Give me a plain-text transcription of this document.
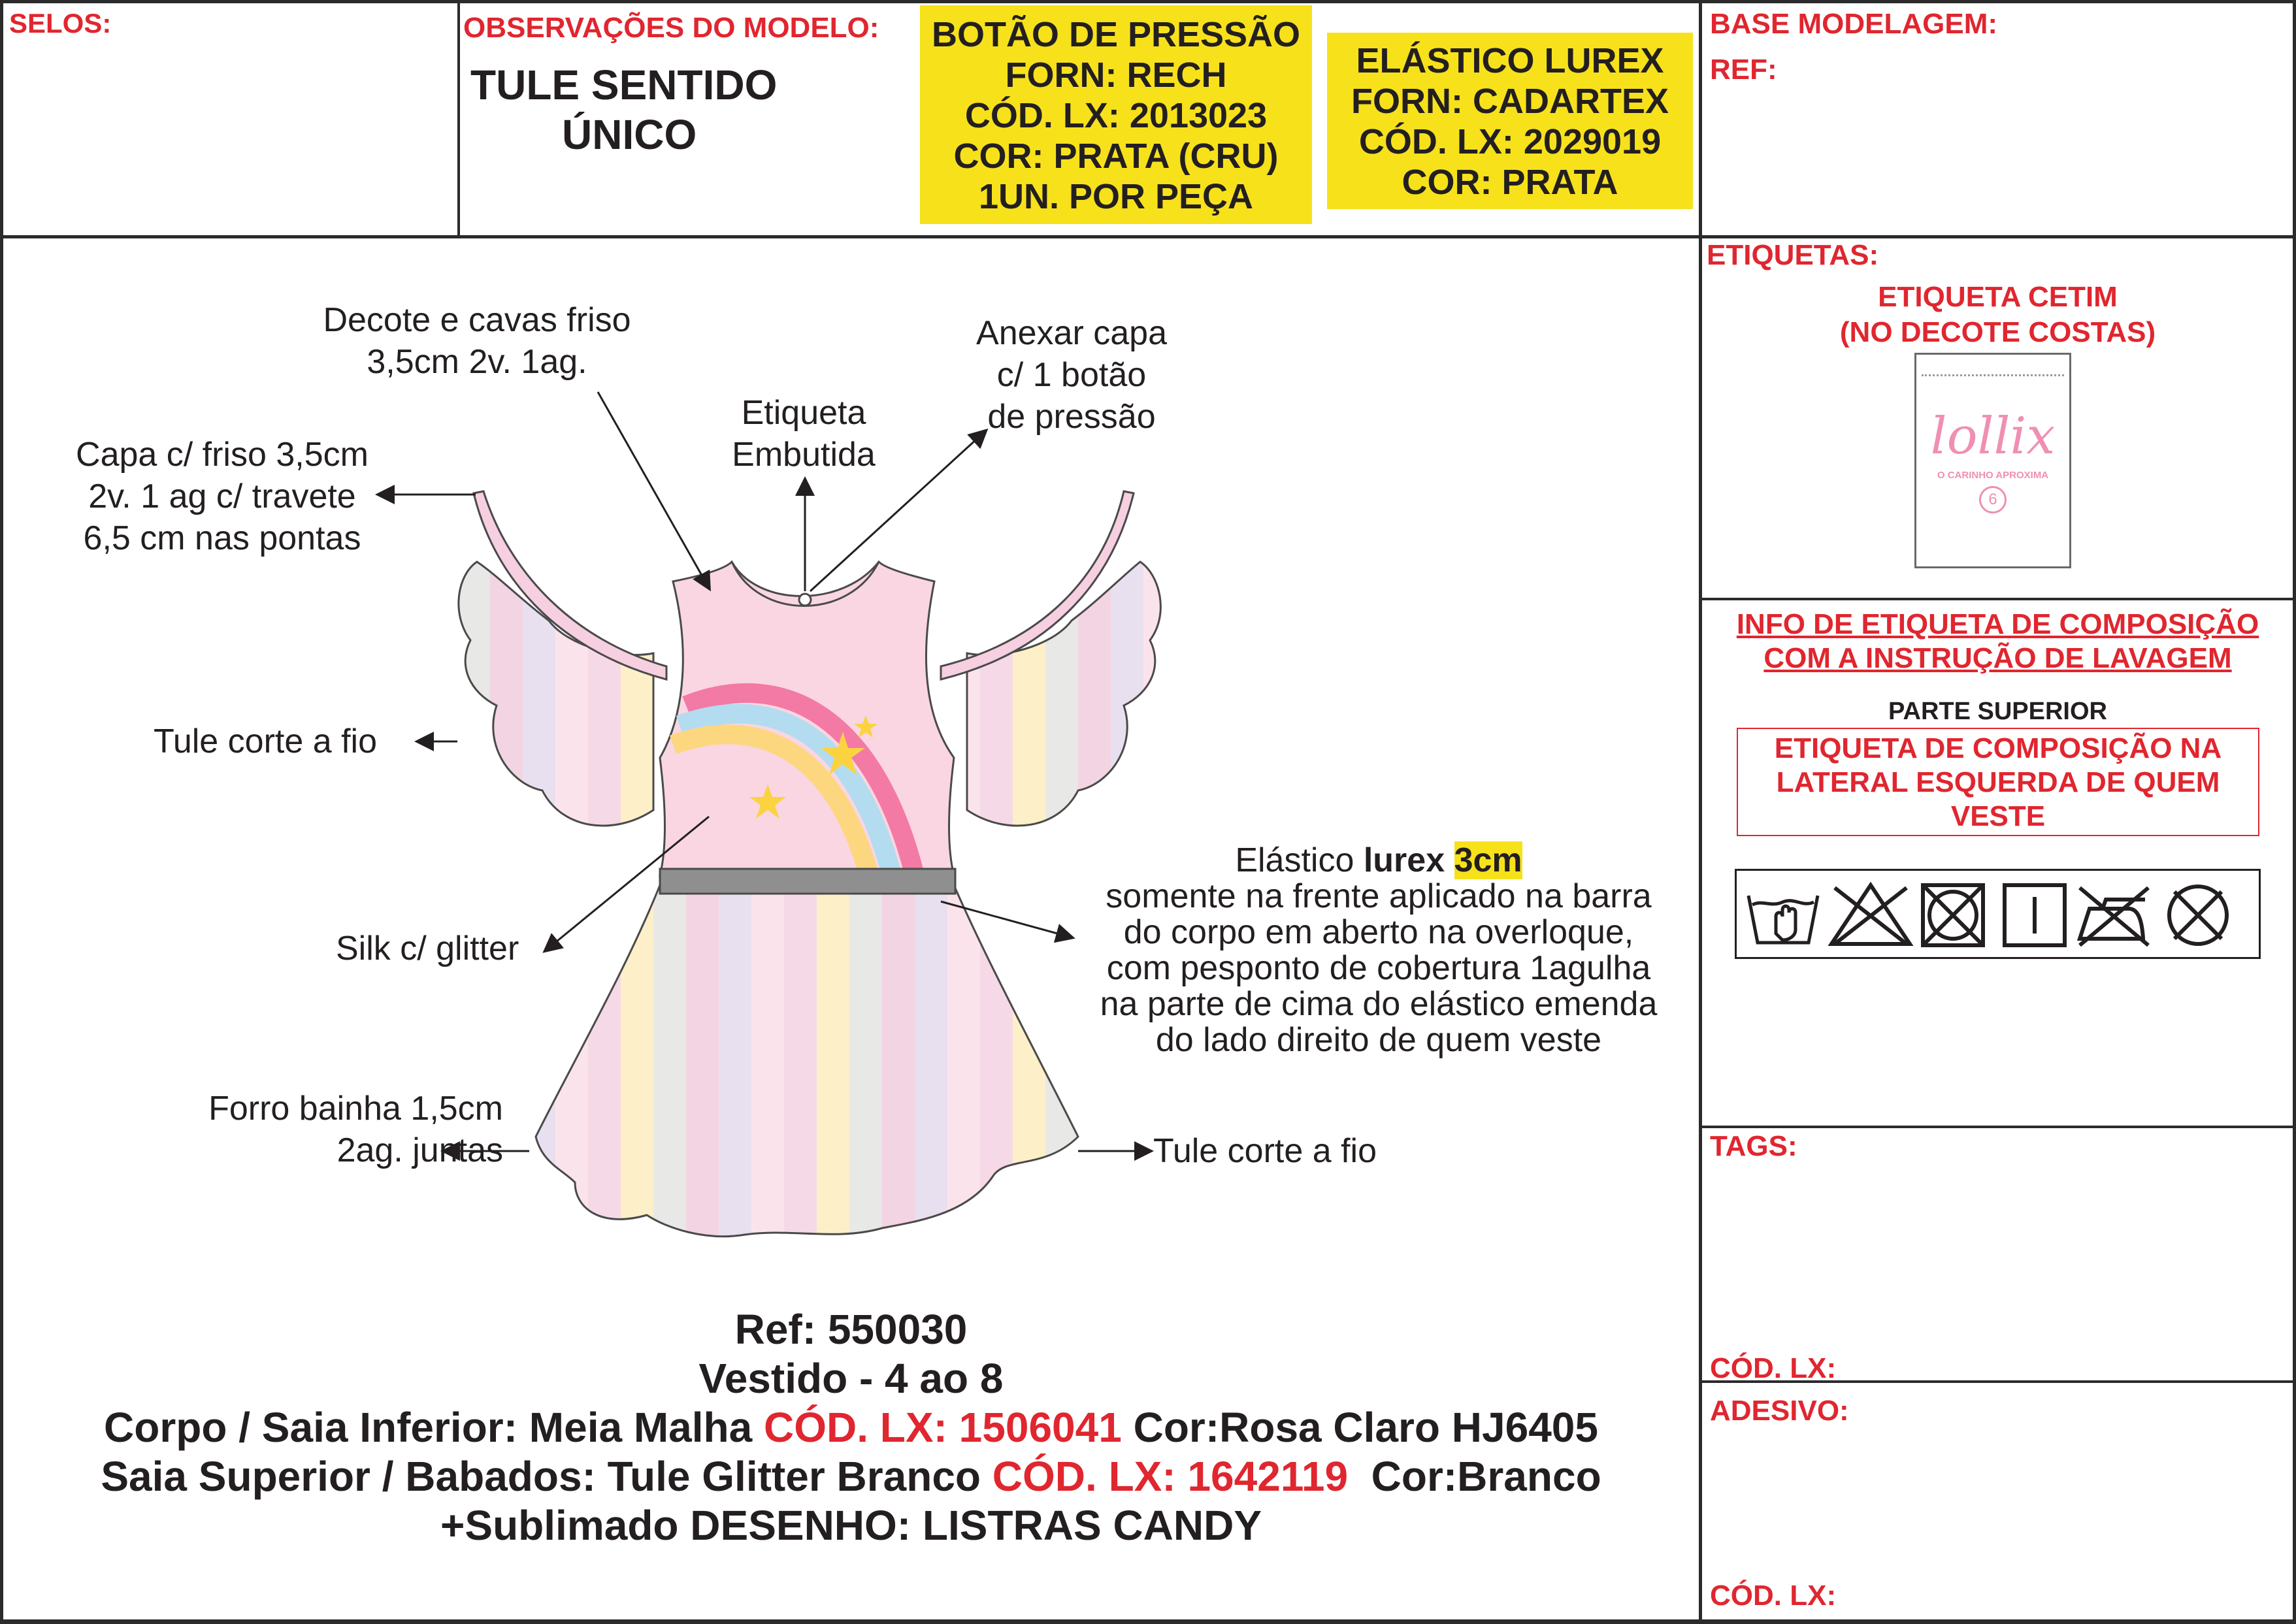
SELOS:	OBSERVAÇÕES DO MODELO:
TULE SENTIDO
ÚNICO
BOTÃO DE PRESSÃO
FORN: RECH
CÓD. LX: 2013023
COR: PRATA (CRU)
1UN. POR PEÇA
ELÁSTICO LUREX
FORN: CADARTEX
CÓD. LX: 2029019
COR: PRATA
BASE MODELAGEM:
REF:
Decote e cavas friso
3,5cm 2v. 1ag.
Anexar capa
c/ 1 botão
de pressão
Etiqueta
Embutida
Capa c/ friso 3,5cm
2v. 1 ag c/ travete
6,5 cm nas pontas
Tule corte a fio
Silk c/ glitter
Elástico lurex 3cm
somente na frente aplicado na barra
do corpo em aberto na overloque,
com pesponto de cobertura 1agulha
na parte de cima do elástico emenda
do lado direito de quem veste
Forro bainha 1,5cm
2ag. juntas	Tule corte a fio
Ref: 550030
Vestido - 4 ao 8
Corpo / Saia Inferior: Meia Malha CÓD. LX: 1506041 Cor:Rosa Claro HJ6405
Saia Superior / Babados: Tule Glitter Branco CÓD. LX: 1642119  Cor:Branco
+Sublimado DESENHO: LISTRAS CANDY
ETIQUETAS:
ETIQUETA CETIM
(NO DECOTE COSTAS)
lollix
O CARINHO APROXIMA
6
INFO DE ETIQUETA DE COMPOSIÇÃO
COM A INSTRUÇÃO DE LAVAGEM
PARTE SUPERIOR
ETIQUETA DE COMPOSIÇÃO NA
LATERAL ESQUERDA DE QUEM
VESTE
TAGS:
CÓD. LX:
ADESIVO:
CÓD. LX:
